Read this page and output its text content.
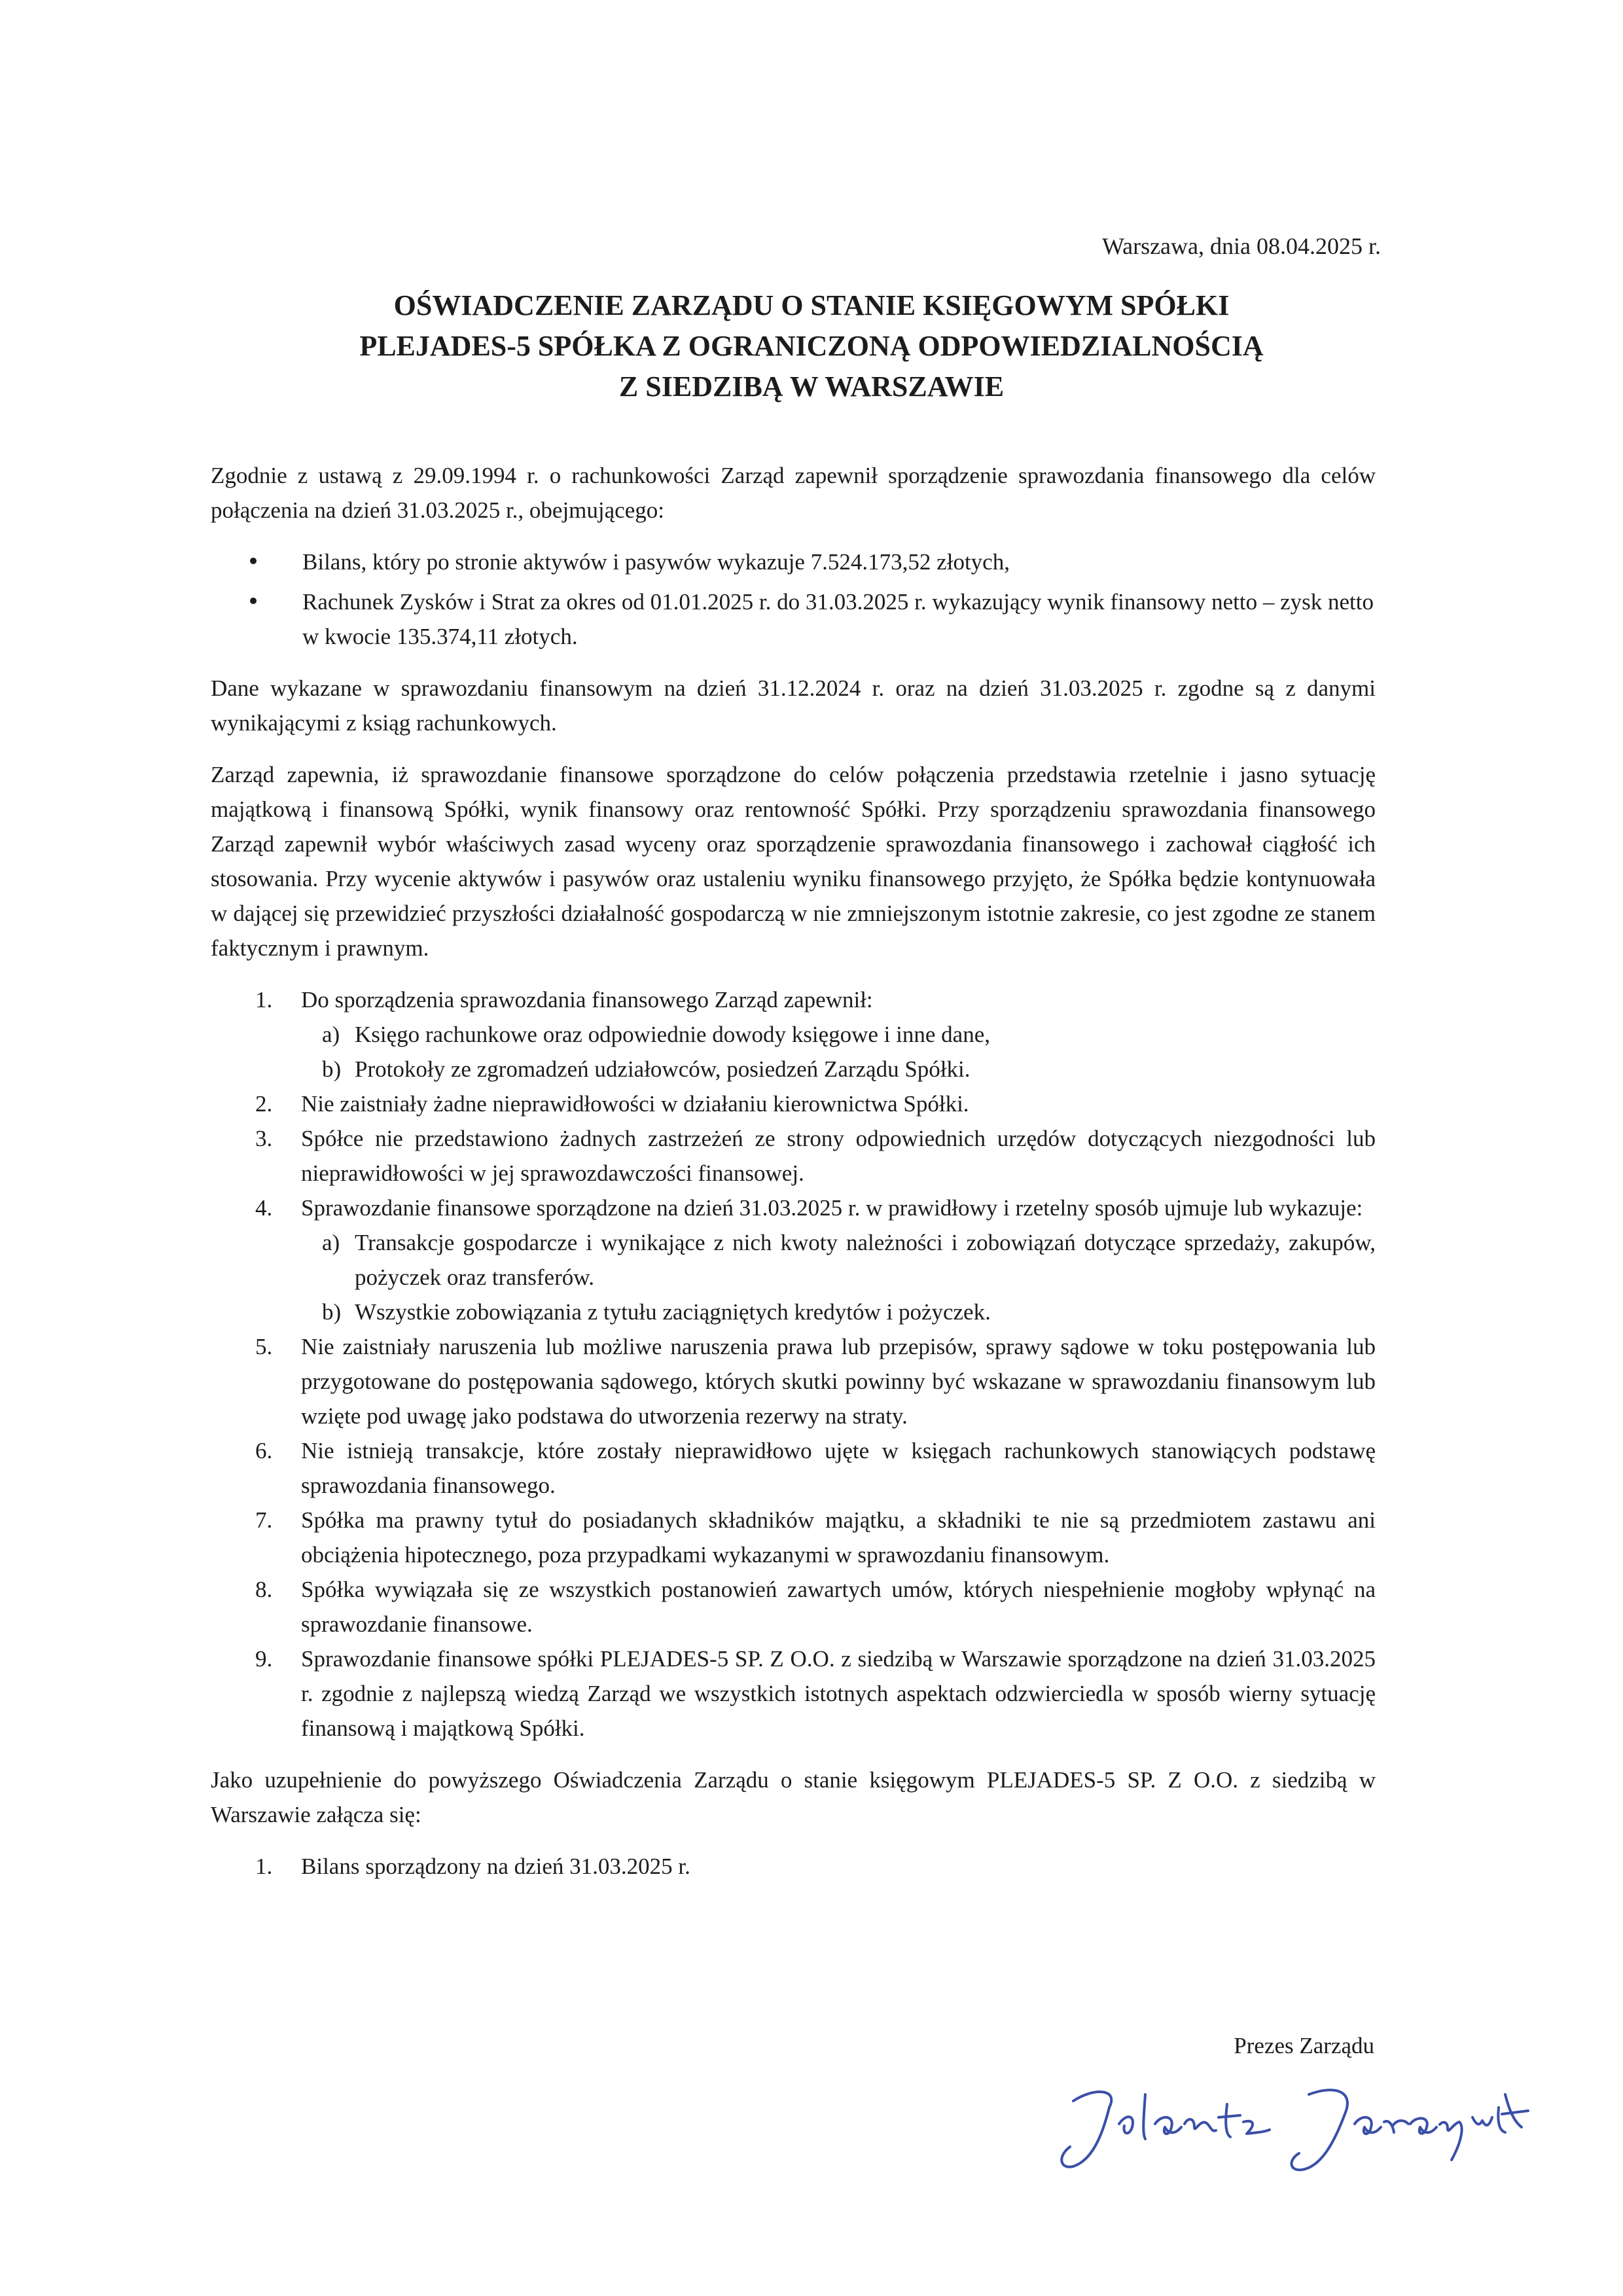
Warszawa, dnia 08.04.2025 r.
OŚWIADCZENIE ZARZĄDU O STANIE KSIĘGOWYM SPÓŁKI
PLEJADES-5 SPÓŁKA Z OGRANICZONĄ ODPOWIEDZIALNOŚCIĄ
Z SIEDZIBĄ W WARSZAWIE

Zgodnie z ustawą z 29.09.1994 r. o rachunkowości Zarząd zapewnił sporządzenie sprawozdania finansowego dla celów połączenia na dzień 31.03.2025 r., obejmującego:

Bilans, który po stronie aktywów i pasywów wykazuje 7.524.173,52 złotych,
Rachunek Zysków i Strat za okres od 01.01.2025 r. do 31.03.2025 r. wykazujący wynik finansowy netto – zysk netto w kwocie 135.374,11 złotych.

Dane wykazane w sprawozdaniu finansowym na dzień 31.12.2024 r. oraz na dzień 31.03.2025 r. zgodne są z danymi wynikającymi z ksiąg rachunkowych.

Zarząd zapewnia, iż sprawozdanie finansowe sporządzone do celów połączenia przedstawia rzetelnie i jasno sytuację majątkową i finansową Spółki, wynik finansowy oraz rentowność Spółki. Przy sporządzeniu sprawozdania finansowego Zarząd zapewnił wybór właściwych zasad wyceny oraz sporządzenie sprawozdania finansowego i zachował ciągłość ich stosowania. Przy wycenie aktywów i pasywów oraz ustaleniu wyniku finansowego przyjęto, że Spółka będzie kontynuowała w dającej się przewidzieć przyszłości działalność gospodarczą w nie zmniejszonym istotnie zakresie, co jest zgodne ze stanem faktycznym i prawnym.

1. Do sporządzenia sprawozdania finansowego Zarząd zapewnił:
a) Księgo rachunkowe oraz odpowiednie dowody księgowe i inne dane,
b) Protokoły ze zgromadzeń udziałowców, posiedzeń Zarządu Spółki.
2. Nie zaistniały żadne nieprawidłowości w działaniu kierownictwa Spółki.
3. Spółce nie przedstawiono żadnych zastrzeżeń ze strony odpowiednich urzędów dotyczących niezgodności lub nieprawidłowości w jej sprawozdawczości finansowej.
4. Sprawozdanie finansowe sporządzone na dzień 31.03.2025 r. w prawidłowy i rzetelny sposób ujmuje lub wykazuje:
a) Transakcje gospodarcze i wynikające z nich kwoty należności i zobowiązań dotyczące sprzedaży, zakupów, pożyczek oraz transferów.
b) Wszystkie zobowiązania z tytułu zaciągniętych kredytów i pożyczek.
5. Nie zaistniały naruszenia lub możliwe naruszenia prawa lub przepisów, sprawy sądowe w toku postępowania lub przygotowane do postępowania sądowego, których skutki powinny być wskazane w sprawozdaniu finansowym lub wzięte pod uwagę jako podstawa do utworzenia rezerwy na straty.
6. Nie istnieją transakcje, które zostały nieprawidłowo ujęte w księgach rachunkowych stanowiących podstawę sprawozdania finansowego.
7. Spółka ma prawny tytuł do posiadanych składników majątku, a składniki te nie są przedmiotem zastawu ani obciążenia hipotecznego, poza przypadkami wykazanymi w sprawozdaniu finansowym.
8. Spółka wywiązała się ze wszystkich postanowień zawartych umów, których niespełnienie mogłoby wpłynąć na sprawozdanie finansowe.
9. Sprawozdanie finansowe spółki PLEJADES-5 SP. Z O.O. z siedzibą w Warszawie sporządzone na dzień 31.03.2025 r. zgodnie z najlepszą wiedzą Zarząd we wszystkich istotnych aspektach odzwierciedla w sposób wierny sytuację finansową i majątkową Spółki.

Jako uzupełnienie do powyższego Oświadczenia Zarządu o stanie księgowym PLEJADES-5 SP. Z O.O. z siedzibą w Warszawie załącza się:

1. Bilans sporządzony na dzień 31.03.2025 r.
Prezes Zarządu
